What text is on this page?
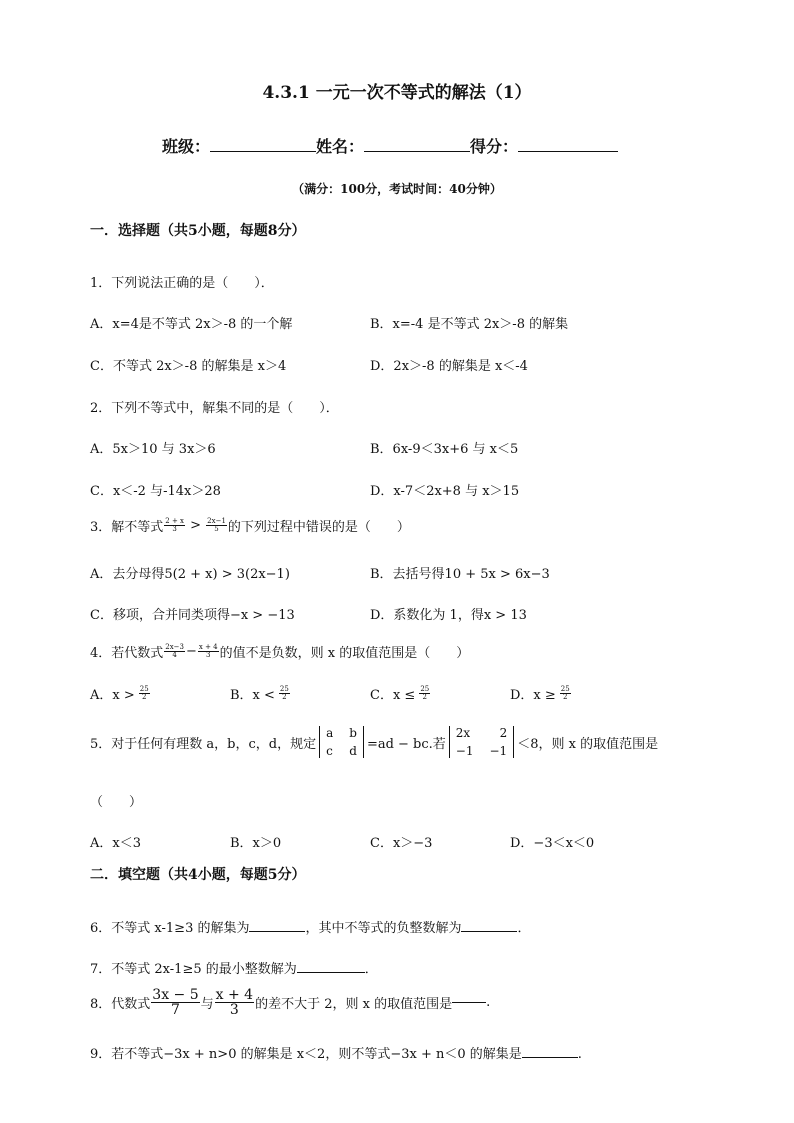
4.3.1 一元一次不等式的解法（1）
班级：	姓名：	得分：
（满分：100分，考试时间：40分钟）
一．选择题（共5小题，每题8分）
1．下列说法正确的是（　　）．
A．x=4是不等式 2x＞-8 的一个解	B．x=-4 是不等式 2x＞-8 的解集
C．不等式 2x＞-8 的解集是 x＞4	D．2x＞-8 的解集是 x＜-4
2．下列不等式中，解集不同的是（　　）．
A．5x＞10 与 3x＞6	B．6x-9＜3x+6 与 x＜5
C．x＜-2 与-14x＞28	D．x-7＜2x+8 与 x＞15
3．解不等式 $\frac{2 + x}{3} > \frac{2x-1}{5}$ 的下列过程中错误的是（　　）
A．去分母得5(2 + x) > 3(2x−1)	B．去括号得10 + 5x > 6x−3
C．移项，合并同类项得−x > −13	D．系数化为 1，得x > 13
4．若代数式 $\frac{2x-3}{4} - \frac{x + 4}{3}$ 的值不是负数，则 x 的取值范围是（　　）
A．$x > \frac{25}{2}$	B．$x < \frac{25}{2}$	C．$x \le \frac{25}{2}$	D．$x \ge \frac{25}{2}$
5．对于任何有理数 a，b，c，d，规定
a b
c d =ad − bc.若
2x	2
−1 −1 ＜8，则 x 的取值范围是
（　　）
A．x＜3	B．x＞0	C．x＞−3	D．−3＜x＜0
二．填空题（共4小题，每题5分）
6．不等式 x-1≥3 的解集为	，其中不等式的负整数解为	．
7．不等式 2x-1≥5 的最小整数解为	．
8．代数式 $\frac{3x - 5}{7}$ 与 $\frac{x + 4}{3}$ 的差不大于 2，则 x 的取值范围是	.
9．若不等式−3x + n>0 的解集是 x＜2，则不等式−3x + n＜0 的解集是	.
